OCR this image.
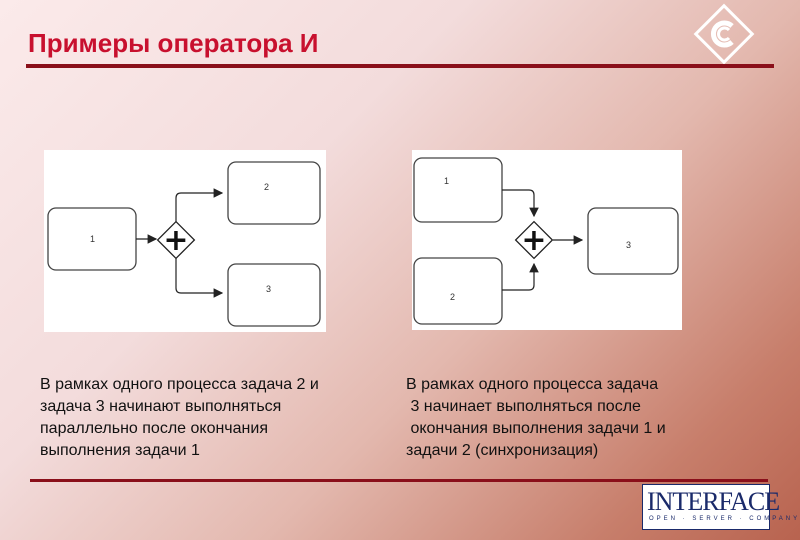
Примеры оператора И
1
2
3
+
1
2
3
+
В рамках одного процесса задача 2 и
задача 3 начинают выполняться
параллельно после окончания
выполнения задачи 1
В рамках одного процесса задача
3 начинает выполняться после
окончания выполнения задачи 1 и
задачи 2 (синхронизация)
INTERFACE
OPEN · SERVER · COMPANY
